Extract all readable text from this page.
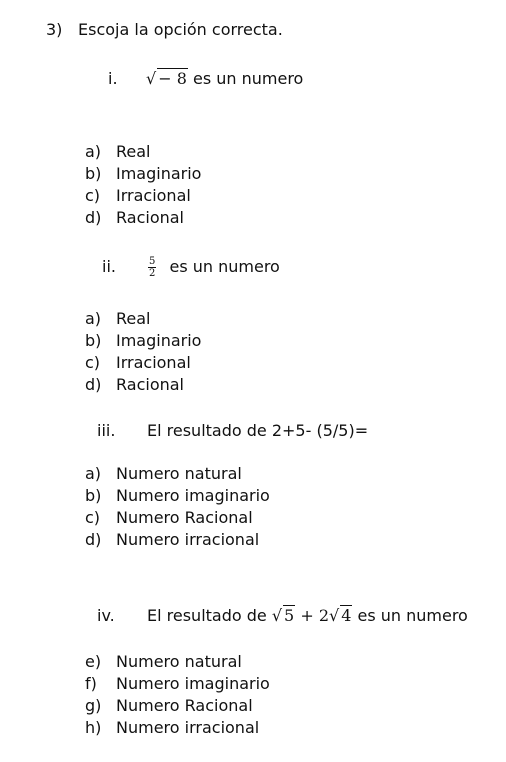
3) Escoja la opción correcta.
i. √ − 8 es un numero
a) Real
b) Imaginario
c) Irracional
d) Racional
ii.	$\frac{5}{2}$ es un numero
a) Real
b) Imaginario
c) Irracional
d) Racional
iii. El resultado de 2+5- (5/5)=
a) Numero natural
b) Numero imaginario
c) Numero Racional
d) Numero irracional
iv. El resultado de √ 5 + 2√ 4 es un numero
e) Numero natural
f) Numero imaginario
g) Numero Racional
h) Numero irracional
